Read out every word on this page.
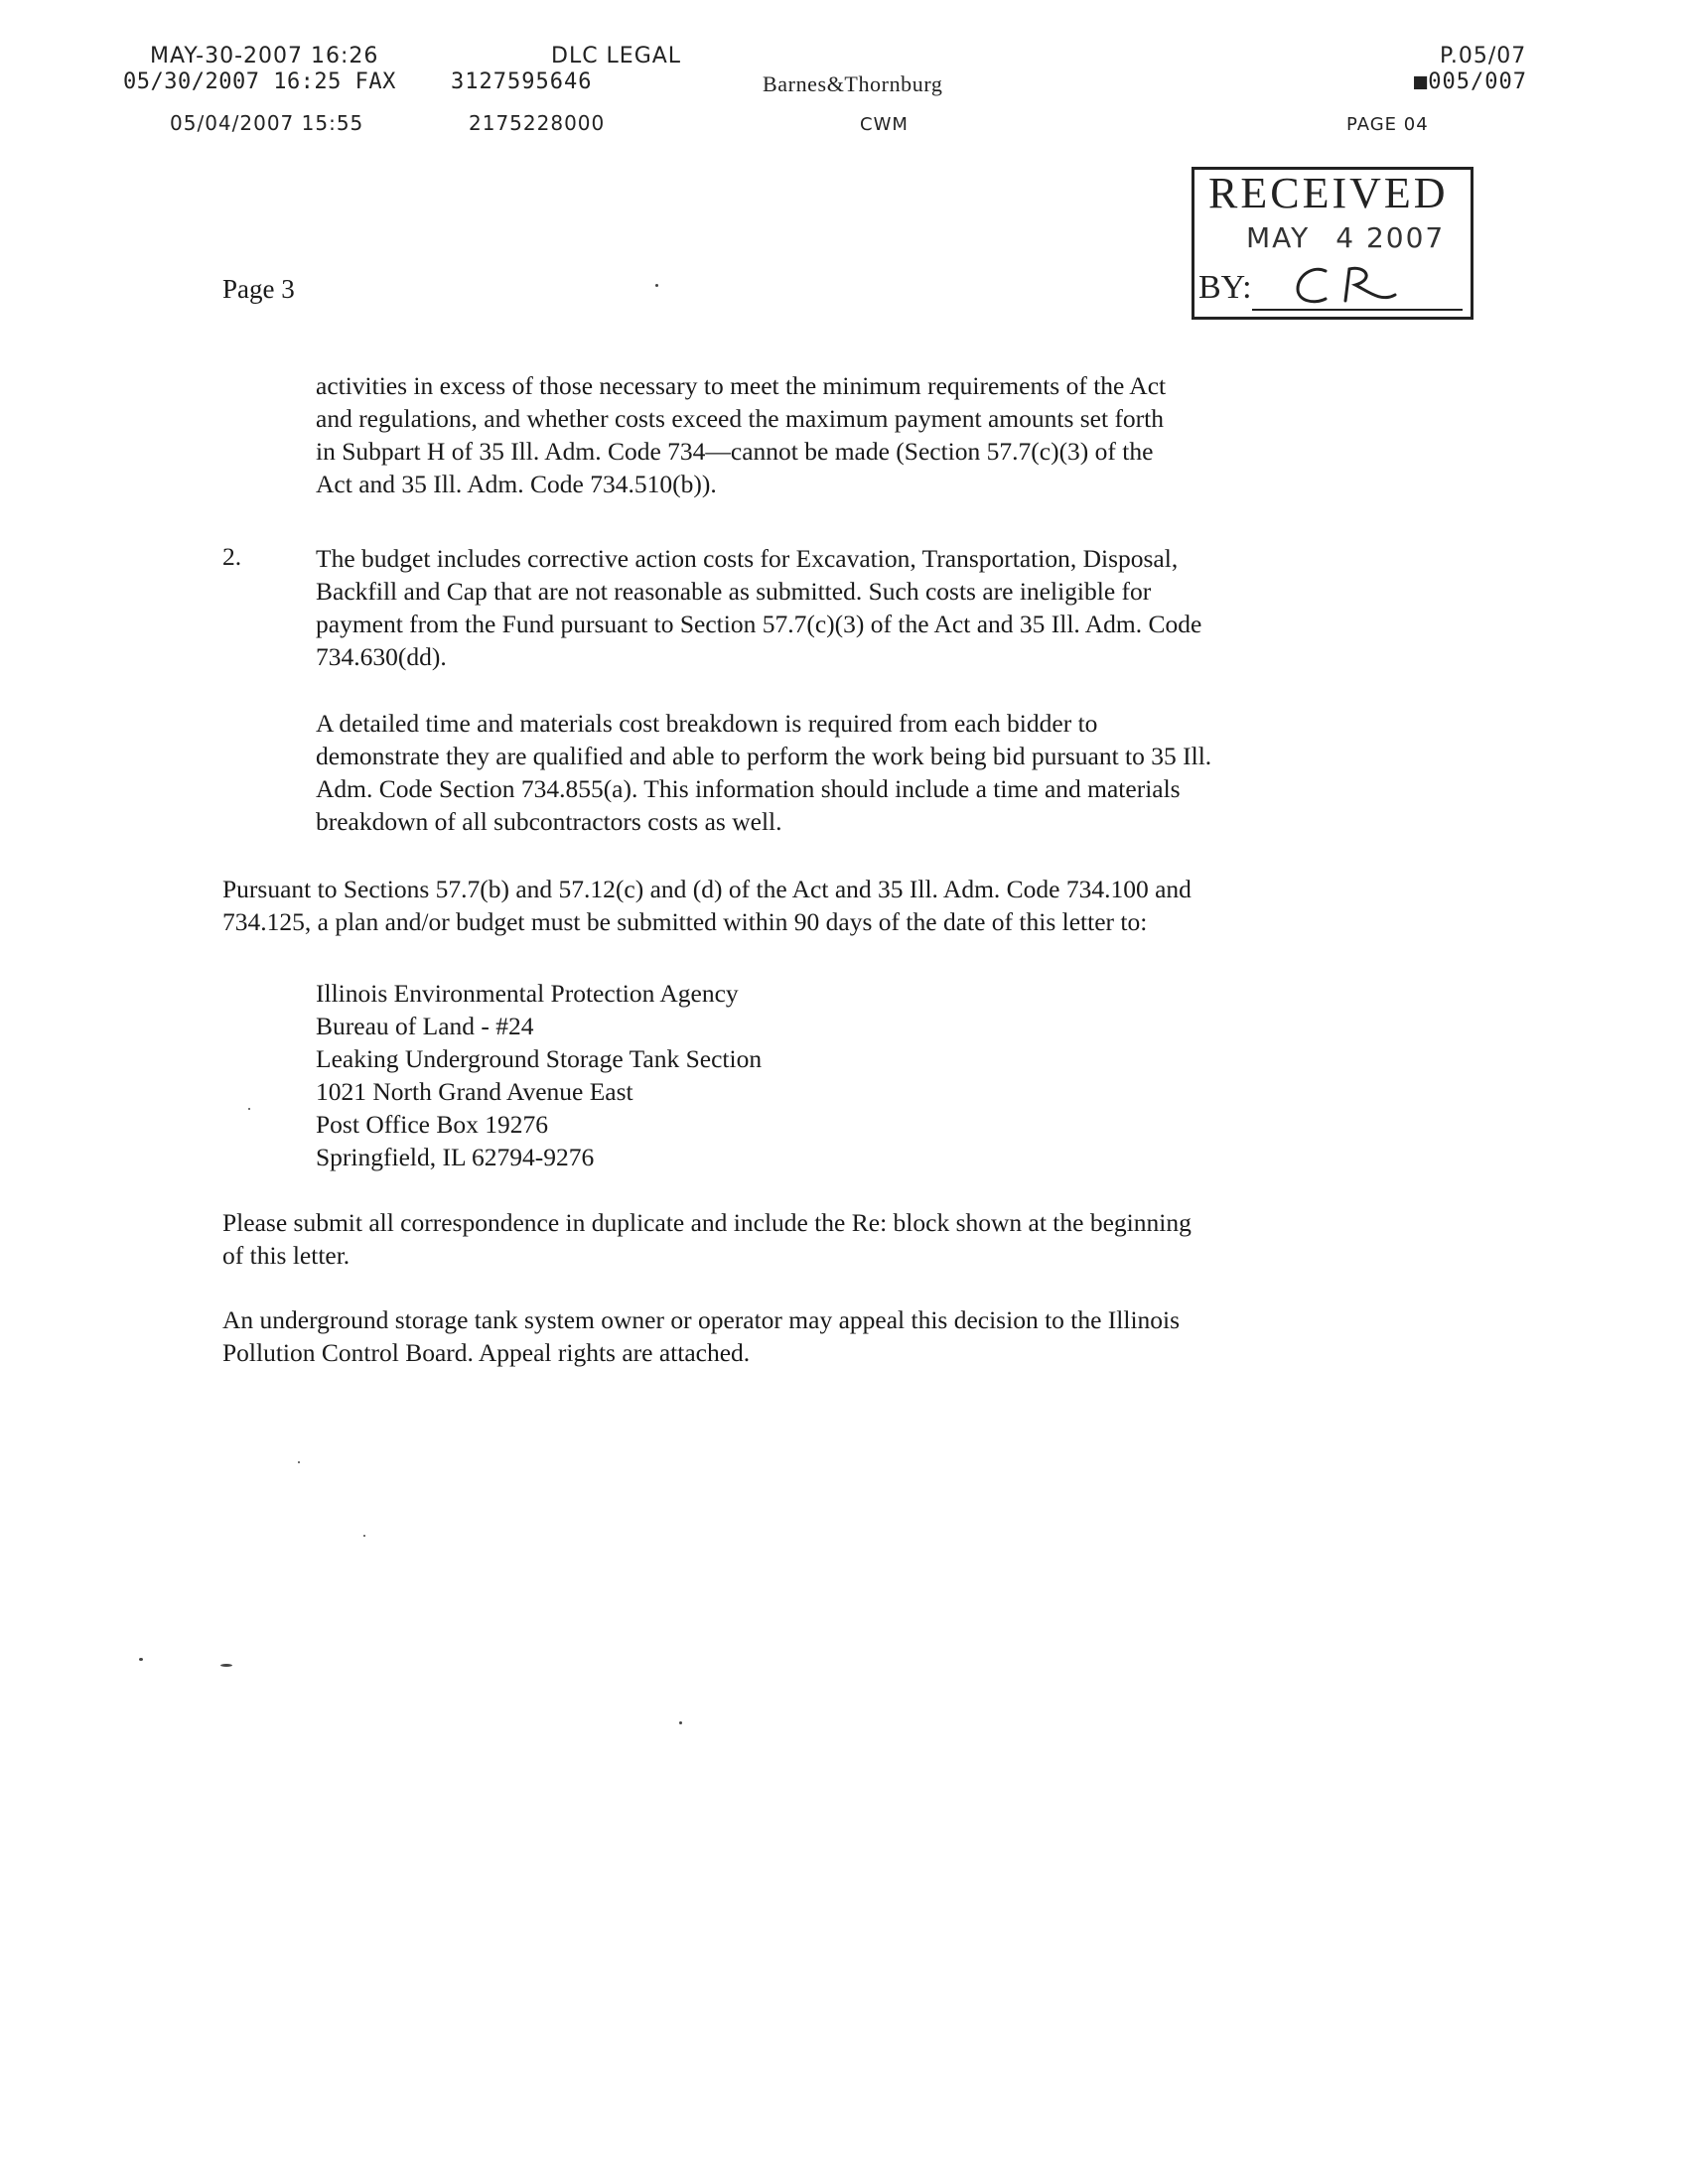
MAY-30-2007 16:26	DLC LEGAL	P.05/07
05/30/2007 16:25 FAX	3127595646	Barnes&Thornburg	■005/007
05/04/2007 15:55	2175228000	CWM	PAGE 04
RECEIVED
MAY 4 2007
BY:
Page 3
activities in excess of those necessary to meet the minimum requirements of the Act
and regulations, and whether costs exceed the maximum payment amounts set forth
in Subpart H of 35 Ill. Adm. Code 734—cannot be made (Section 57.7(c)(3) of the
Act and 35 Ill. Adm. Code 734.510(b)).
2.	The budget includes corrective action costs for Excavation, Transportation, Disposal,
Backfill and Cap that are not reasonable as submitted. Such costs are ineligible for
payment from the Fund pursuant to Section 57.7(c)(3) of the Act and 35 Ill. Adm. Code
734.630(dd).
A detailed time and materials cost breakdown is required from each bidder to
demonstrate they are qualified and able to perform the work being bid pursuant to 35 Ill.
Adm. Code Section 734.855(a). This information should include a time and materials
breakdown of all subcontractors costs as well.
Pursuant to Sections 57.7(b) and 57.12(c) and (d) of the Act and 35 Ill. Adm. Code 734.100 and
734.125, a plan and/or budget must be submitted within 90 days of the date of this letter to:
Illinois Environmental Protection Agency
Bureau of Land - #24
Leaking Underground Storage Tank Section
1021 North Grand Avenue East
Post Office Box 19276
Springfield, IL 62794-9276
Please submit all correspondence in duplicate and include the Re: block shown at the beginning
of this letter.
An underground storage tank system owner or operator may appeal this decision to the Illinois
Pollution Control Board. Appeal rights are attached.
